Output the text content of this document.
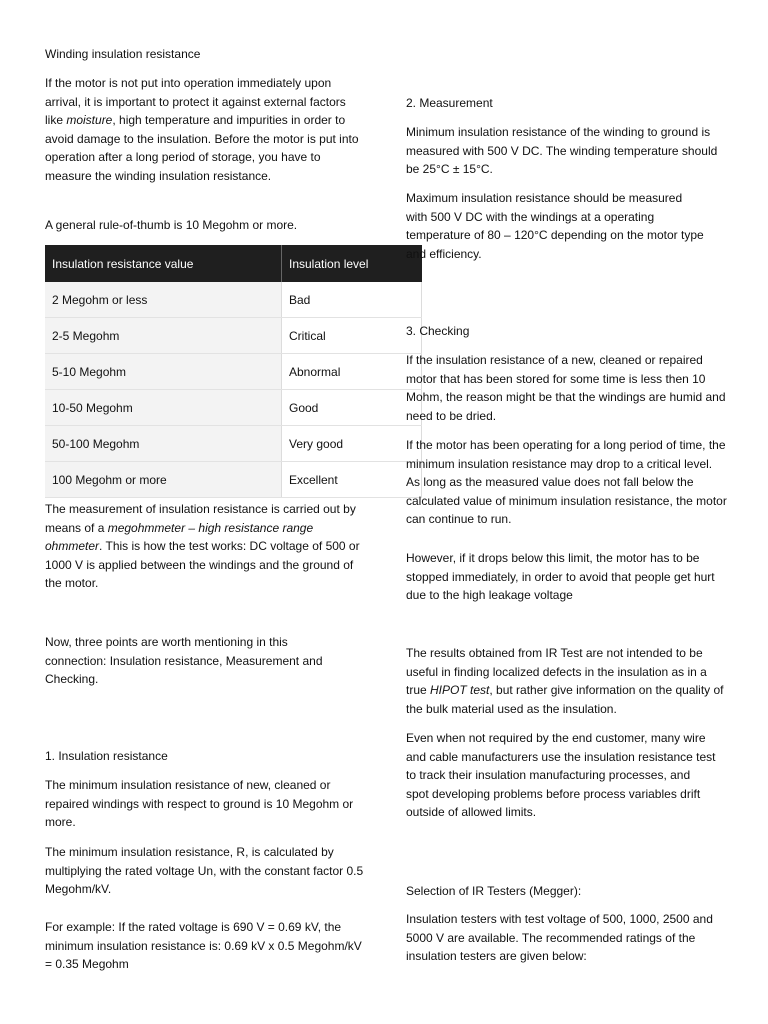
Winding insulation resistance

If the motor is not put into operation immediately upon arrival, it is important to protect it against external factors like moisture, high temperature and impurities in order to avoid damage to the insulation. Before the motor is put into operation after a long period of storage, you have to measure the winding insulation resistance.

A general rule-of-thumb is 10 Megohm or more.

The measurement of insulation resistance is carried out by means of a megohmmeter – high resistance range ohmmeter. This is how the test works: DC voltage of 500 or 1000 V is applied between the windings and the ground of the motor.

Now, three points are worth mentioning in this connection: Insulation resistance, Measurement and Checking.

1. Insulation resistance

The minimum insulation resistance of new, cleaned or repaired windings with respect to ground is 10 Megohm or more.

The minimum insulation resistance, R, is calculated by multiplying the rated voltage Un, with the constant factor 0.5 Megohm/kV.

For example: If the rated voltage is 690 V = 0.69 kV, the minimum insulation resistance is: 0.69 kV x 0.5 Megohm/kV = 0.35 Megohm

Insulation resistance value	Insulation level
2 Megohm or less	Bad
2-5 Megohm	Critical
5-10 Megohm	Abnormal
10-50 Megohm	Good
50-100 Megohm	Very good
100 Megohm or more	Excellent

2. Measurement

Minimum insulation resistance of the winding to ground is measured with 500 V DC. The winding temperature should be 25°C ± 15°C.

Maximum insulation resistance should be measured with 500 V DC with the windings at a operating temperature of 80 – 120°C depending on the motor type and efficiency.

3. Checking

If the insulation resistance of a new, cleaned or repaired motor that has been stored for some time is less then 10 Mohm, the reason might be that the windings are humid and need to be dried.

If the motor has been operating for a long period of time, the minimum insulation resistance may drop to a critical level. As long as the measured value does not fall below the calculated value of minimum insulation resistance, the motor can continue to run.

However, if it drops below this limit, the motor has to be stopped immediately, in order to avoid that people get hurt due to the high leakage voltage

The results obtained from IR Test are not intended to be useful in finding localized defects in the insulation as in a true HIPOT test, but rather give information on the quality of the bulk material used as the insulation.

Even when not required by the end customer, many wire and cable manufacturers use the insulation resistance test to track their insulation manufacturing processes, and spot developing problems before process variables drift outside of allowed limits.

Selection of IR Testers (Megger):

Insulation testers with test voltage of 500, 1000, 2500 and 5000 V are available. The recommended ratings of the insulation testers are given below:
